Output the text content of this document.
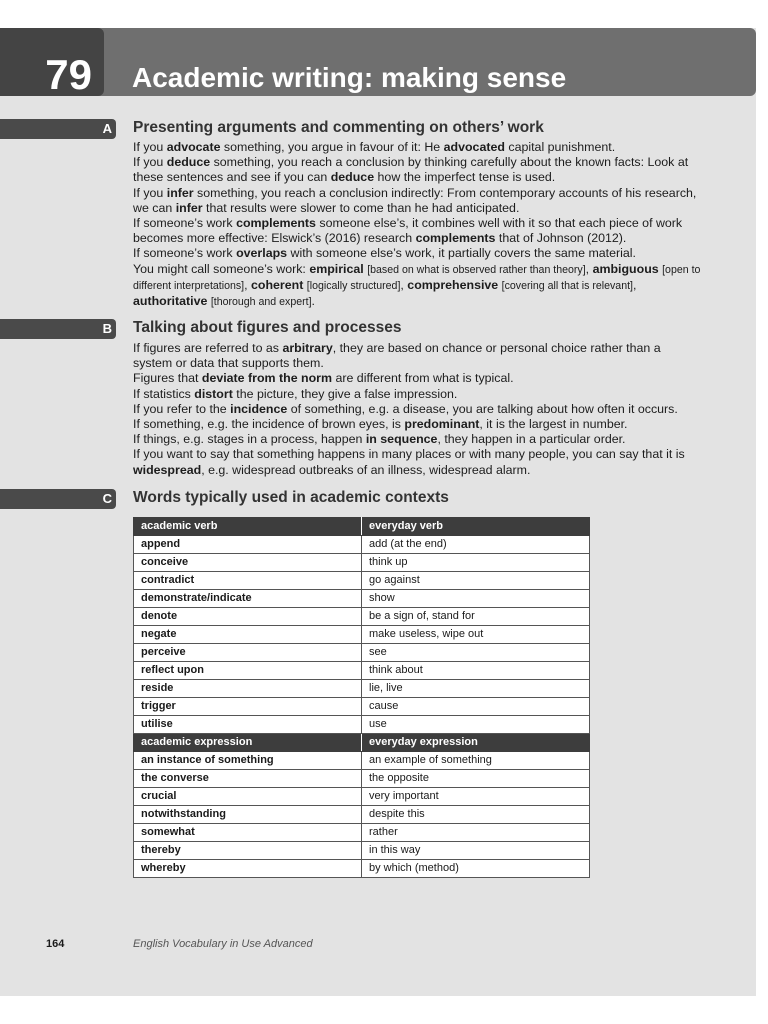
79 Academic writing: making sense
A Presenting arguments and commenting on others’ work

If you advocate something, you argue in favour of it: He advocated capital punishment.

If you deduce something, you reach a conclusion by thinking carefully about the known facts: Look at these sentences and see if you can deduce how the imperfect tense is used.

If you infer something, you reach a conclusion indirectly: From contemporary accounts of his research, we can infer that results were slower to come than he had anticipated.

If someone’s work complements someone else’s, it combines well with it so that each piece of work becomes more effective: Elswick’s (2016) research complements that of Johnson (2012).

If someone’s work overlaps with someone else’s work, it partially covers the same material.

You might call someone’s work: empirical [based on what is observed rather than theory], ambiguous [open to different interpretations], coherent [logically structured], comprehensive [covering all that is relevant], authoritative [thorough and expert].

B Talking about figures and processes

If figures are referred to as arbitrary, they are based on chance or personal choice rather than a system or data that supports them.

Figures that deviate from the norm are different from what is typical.

If statistics distort the picture, they give a false impression.

If you refer to the incidence of something, e.g. a disease, you are talking about how often it occurs.

If something, e.g. the incidence of brown eyes, is predominant, it is the largest in number.

If things, e.g. stages in a process, happen in sequence, they happen in a particular order.

If you want to say that something happens in many places or with many people, you can say that it is widespread, e.g. widespread outbreaks of an illness, widespread alarm.

C Words typically used in academic contexts
academic verb	everyday verb
append	add (at the end)
conceive	think up
contradict	go against
demonstrate/indicate	show
denote	be a sign of, stand for
negate	make useless, wipe out
perceive	see
reflect upon	think about
reside	lie, live
trigger	cause
utilise	use
academic expression	everyday expression
an instance of something	an example of something
the converse	the opposite
crucial	very important
notwithstanding	despite this
somewhat	rather
thereby	in this way
whereby	by which (method)
164	English Vocabulary in Use Advanced
